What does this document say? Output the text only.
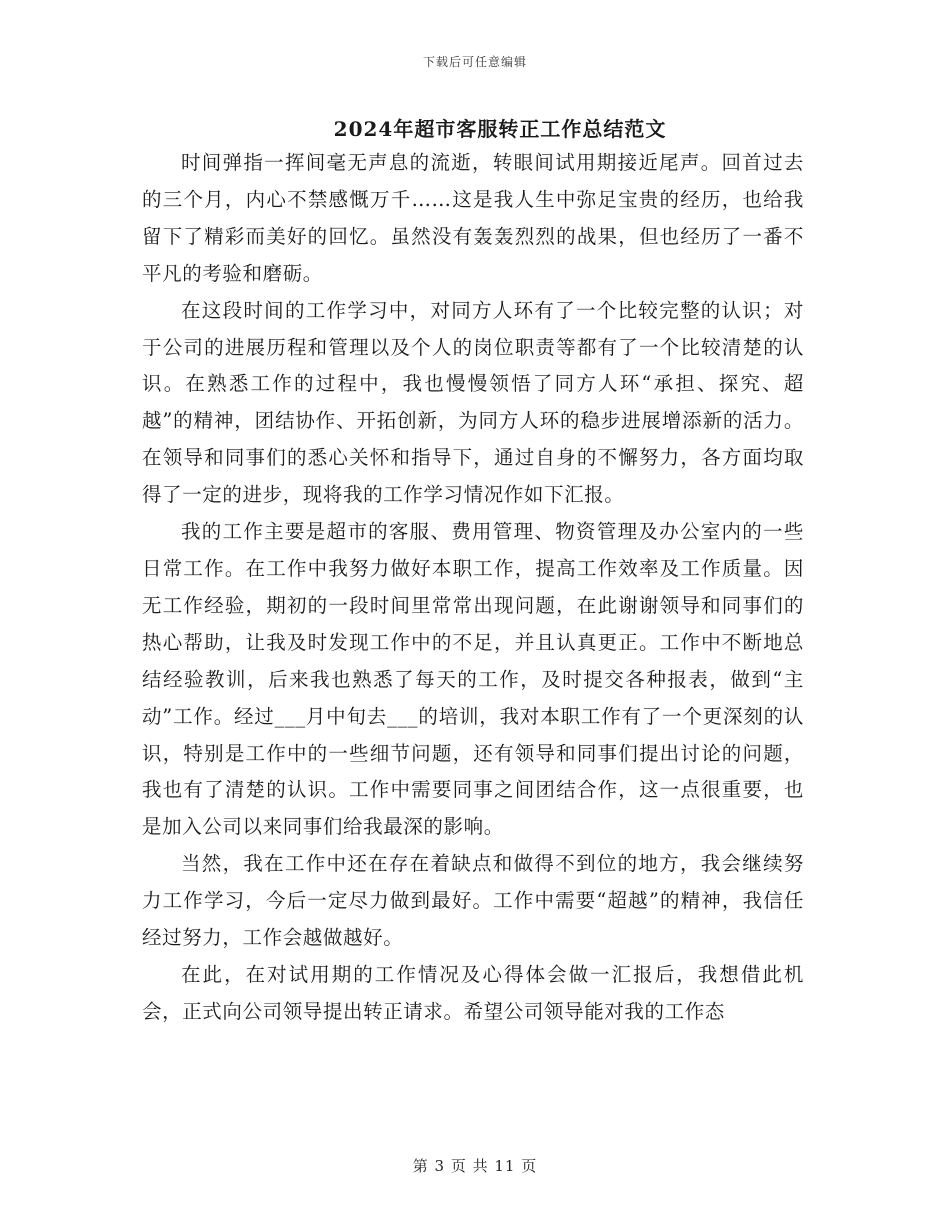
下载后可任意编辑
2024年超市客服转正工作总结范文

时间弹指一挥间毫无声息的流逝，转眼间试用期接近尾声。回首过去的三个月，内心不禁感慨万千……这是我人生中弥足宝贵的经历，也给我留下了精彩而美好的回忆。虽然没有轰轰烈烈的战果，但也经历了一番不平凡的考验和磨砺。

在这段时间的工作学习中，对同方人环有了一个比较完整的认识；对于公司的进展历程和管理以及个人的岗位职责等都有了一个比较清楚的认识。在熟悉工作的过程中，我也慢慢领悟了同方人环“承担、探究、超越”的精神，团结协作、开拓创新，为同方人环的稳步进展增添新的活力。在领导和同事们的悉心关怀和指导下，通过自身的不懈努力，各方面均取得了一定的进步，现将我的工作学习情况作如下汇报。

我的工作主要是超市的客服、费用管理、物资管理及办公室内的一些日常工作。在工作中我努力做好本职工作，提高工作效率及工作质量。因无工作经验，期初的一段时间里常常出现问题，在此谢谢领导和同事们的热心帮助，让我及时发现工作中的不足，并且认真更正。工作中不断地总结经验教训，后来我也熟悉了每天的工作，及时提交各种报表，做到“主动”工作。经过___月中旬去___的培训，我对本职工作有了一个更深刻的认识，特别是工作中的一些细节问题，还有领导和同事们提出讨论的问题，我也有了清楚的认识。工作中需要同事之间团结合作，这一点很重要，也是加入公司以来同事们给我最深的影响。

当然，我在工作中还在存在着缺点和做得不到位的地方，我会继续努力工作学习，今后一定尽力做到最好。工作中需要“超越”的精神，我信任经过努力，工作会越做越好。

在此，在对试用期的工作情况及心得体会做一汇报后，我想借此机会，正式向公司领导提出转正请求。希望公司领导能对我的工作态

第 3 页 共 11 页
